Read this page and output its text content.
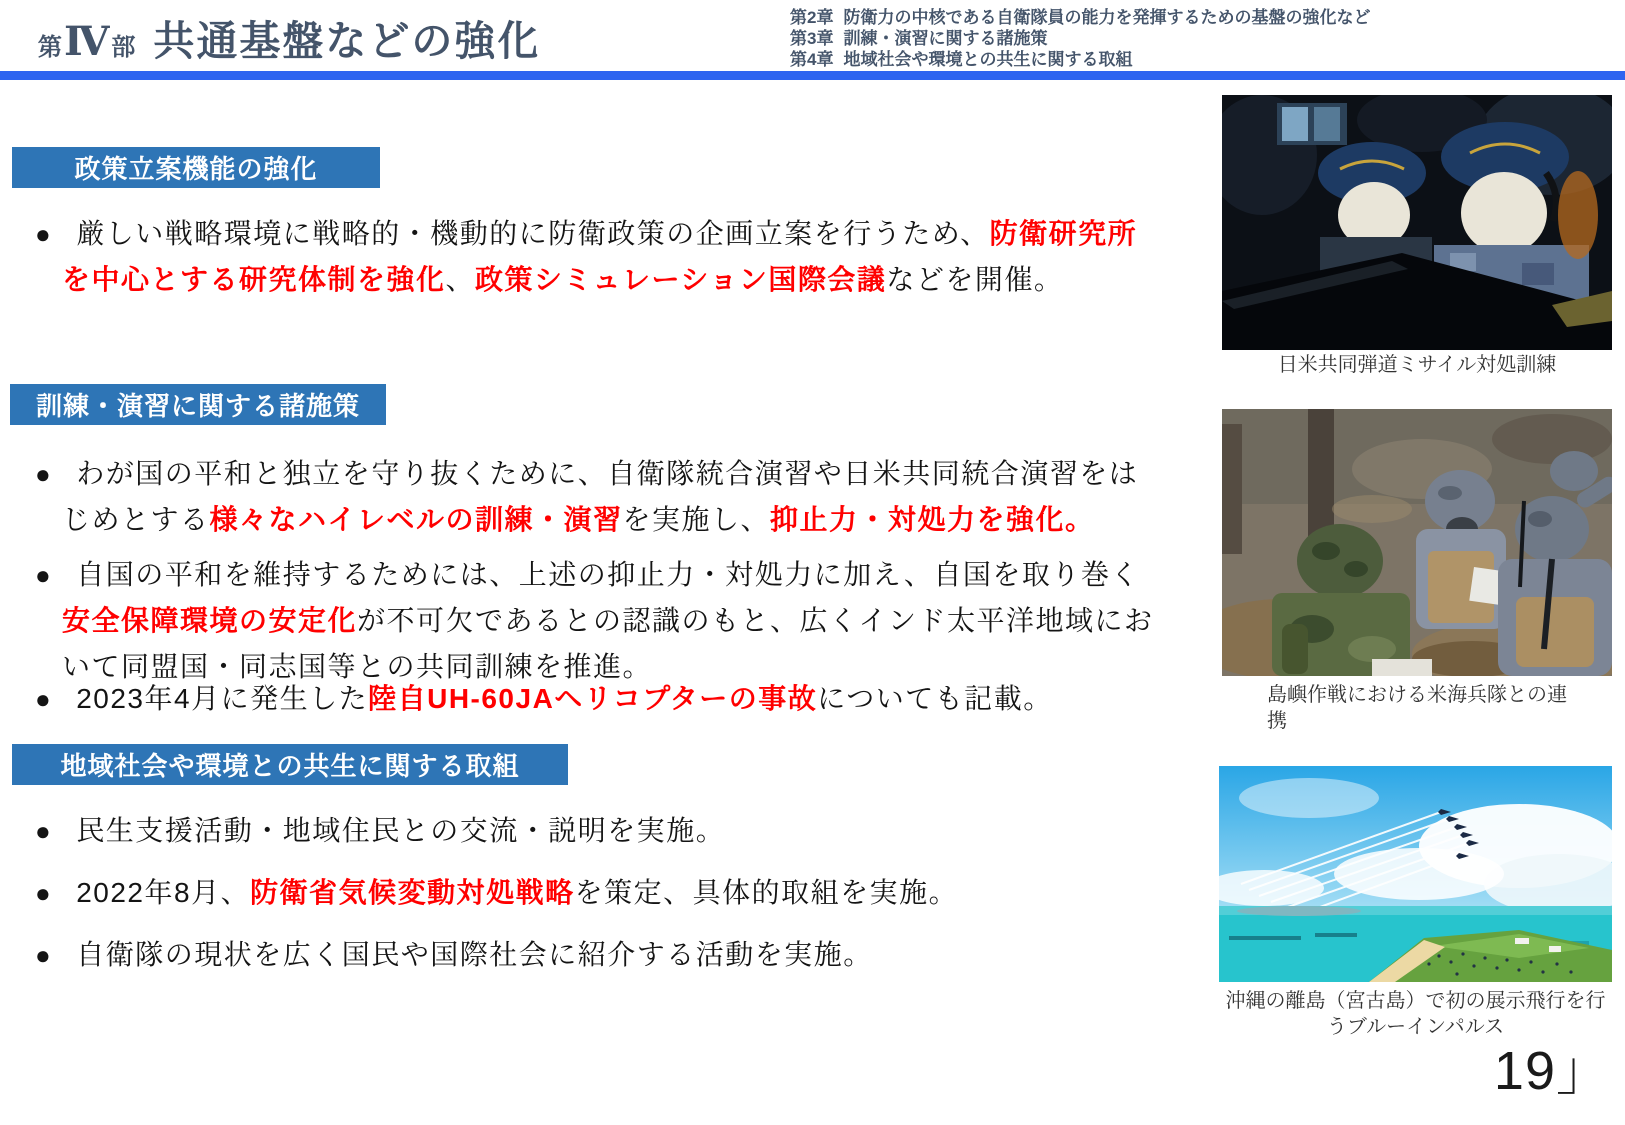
第 Ⅳ 部 共通基盤などの強化
第2章 防衛力の中核である自衛隊員の能力を発揮するための基盤の強化など
第3章 訓練・演習に関する諸施策
第4章 地域社会や環境との共生に関する取組
政策立案機能の強化

● 厳しい戦略環境に戦略的・機動的に防衛政策の企画立案を行うため、防衛研究所を中心とする研究体制を強化、政策シミュレーション国際会議などを開催。

訓練・演習に関する諸施策

● わが国の平和と独立を守り抜くために、自衛隊統合演習や日米共同統合演習をはじめとする様々なハイレベルの訓練・演習を実施し、抑止力・対処力を強化。

● 自国の平和を維持するためには、上述の抑止力・対処力に加え、自国を取り巻く安全保障環境の安定化が不可欠であるとの認識のもと、広くインド太平洋地域において同盟国・同志国等との共同訓練を推進。

● 2023年4月に発生した陸自UH-60JAヘリコプターの事故についても記載。

地域社会や環境との共生に関する取組

● 民生支援活動・地域住民との交流・説明を実施。

● 2022年8月、防衛省気候変動対処戦略を策定、具体的取組を実施。

● 自衛隊の現状を広く国民や国際社会に紹介する活動を実施。

日米共同弾道ミサイル対処訓練
島嶼作戦における米海兵隊との連携
沖縄の離島（宮古島）で初の展示飛行を行うブルーインパルス
19」
